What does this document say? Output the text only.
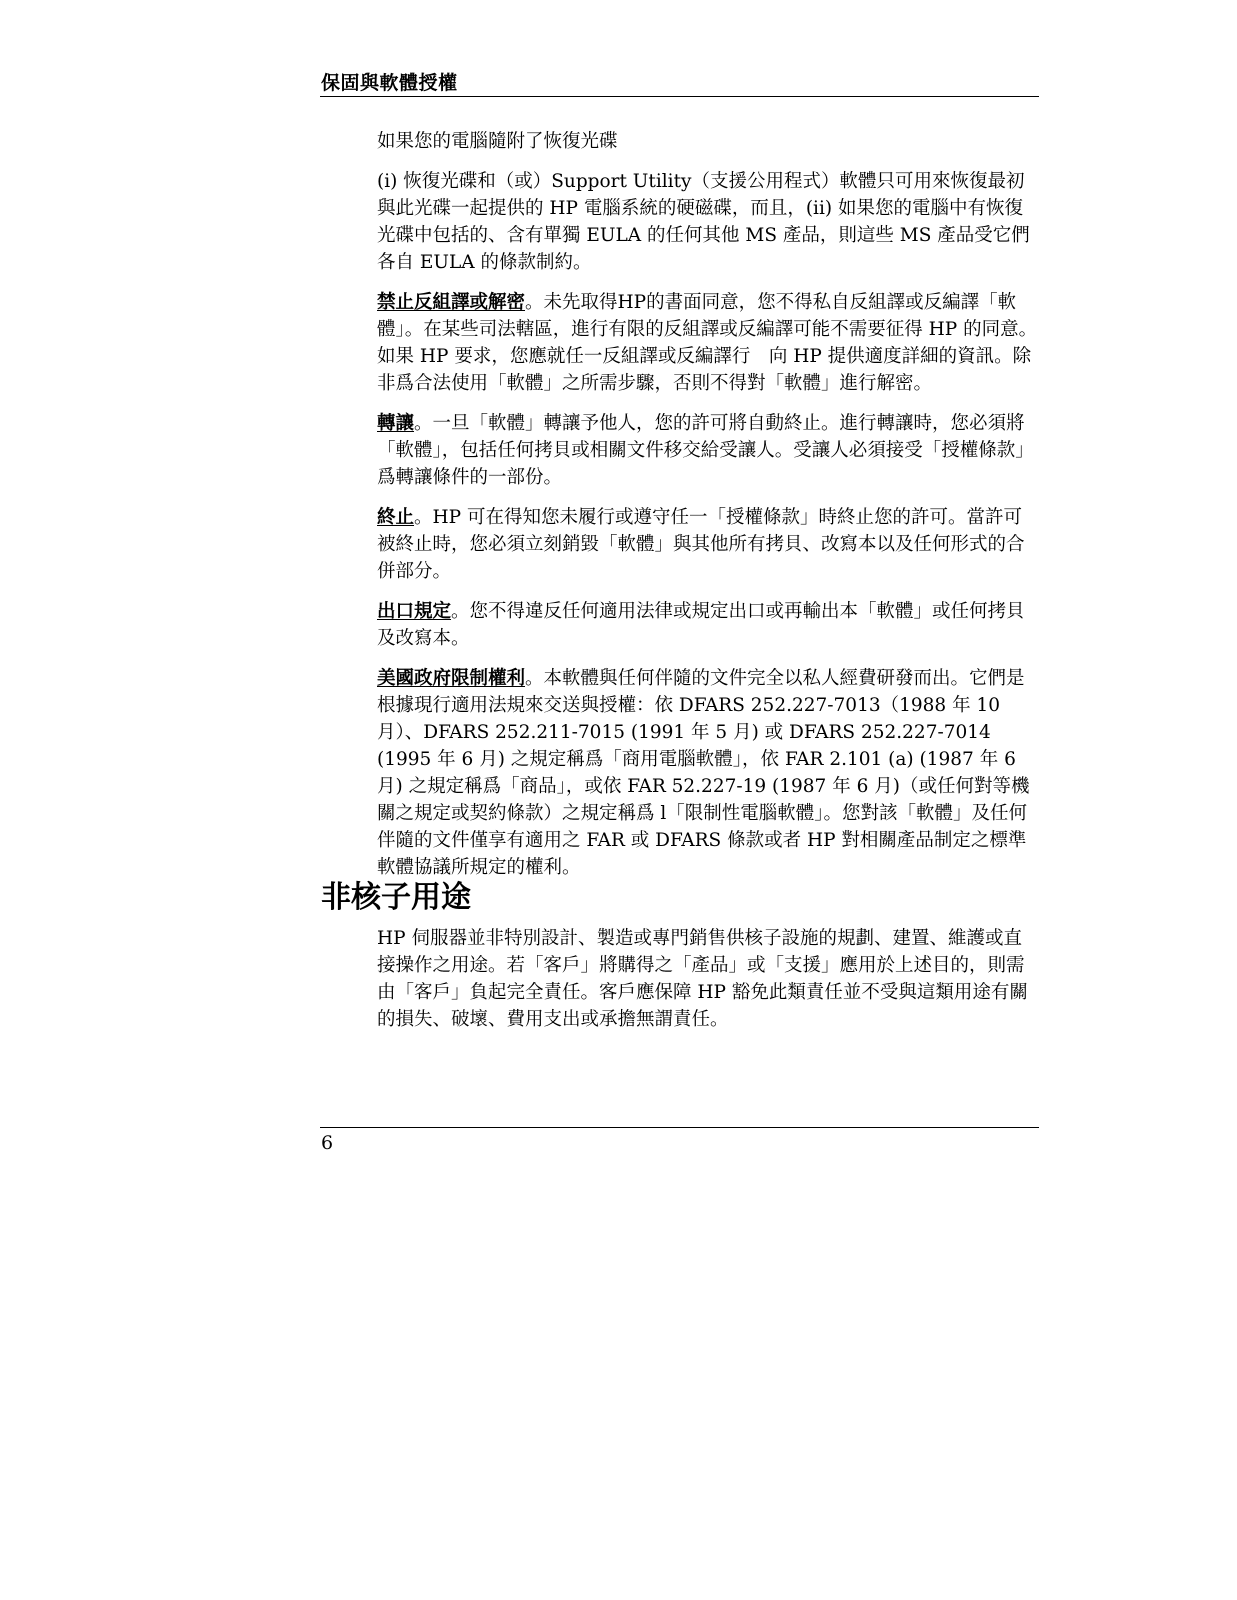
保固與軟體授權

如果您的電腦隨附了恢復光碟

(i) 恢復光碟和（或）Support Utility（支援公用程式）軟體只可用來恢復最初與此光碟一起提供的 HP 電腦系統的硬磁碟，而且，(ii) 如果您的電腦中有恢復光碟中包括的、含有單獨 EULA 的任何其他 MS 產品，則這些 MS 產品受它們各自 EULA 的條款制約。

禁止反組譯或解密。未先取得HP的書面同意，您不得私自反組譯或反編譯「軟體」。在某些司法轄區，進行有限的反組譯或反編譯可能不需要征得 HP 的同意。如果 HP 要求，您應就任一反組譯或反編譯行　向 HP 提供適度詳細的資訊。除非爲合法使用「軟體」之所需步驟，否則不得對「軟體」進行解密。

轉讓。一旦「軟體」轉讓予他人，您的許可將自動終止。進行轉讓時，您必須將「軟體」，包括任何拷貝或相關文件移交給受讓人。受讓人必須接受「授權條款」爲轉讓條件的一部份。

終止。HP 可在得知您未履行或遵守任一「授權條款」時終止您的許可。當許可被終止時，您必須立刻銷毀「軟體」與其他所有拷貝、改寫本以及任何形式的合併部分。

出口規定。您不得違反任何適用法律或規定出口或再輸出本「軟體」或任何拷貝及改寫本。

美國政府限制權利。本軟體與任何伴隨的文件完全以私人經費研發而出。它們是根據現行適用法規來交送與授權：依 DFARS 252.227-7013（1988 年 10 月）、DFARS 252.211-7015 (1991 年 5 月) 或 DFARS 252.227-7014 (1995 年 6 月) 之規定稱爲「商用電腦軟體」，依 FAR 2.101 (a) (1987 年 6 月) 之規定稱爲「商品」，或依 FAR 52.227-19 (1987 年 6 月)（或任何對等機關之規定或契約條款）之規定稱爲 l「限制性電腦軟體」。您對該「軟體」及任何伴隨的文件僅享有適用之 FAR 或 DFARS 條款或者 HP 對相關產品制定之標準軟體協議所規定的權利。

非核子用途

HP 伺服器並非特別設計、製造或專門銷售供核子設施的規劃、建置、維護或直接操作之用途。若「客戶」將購得之「產品」或「支援」應用於上述目的，則需由「客戶」負起完全責任。客戶應保障 HP 豁免此類責任並不受與這類用途有關的損失、破壞、費用支出或承擔無謂責任。

6
